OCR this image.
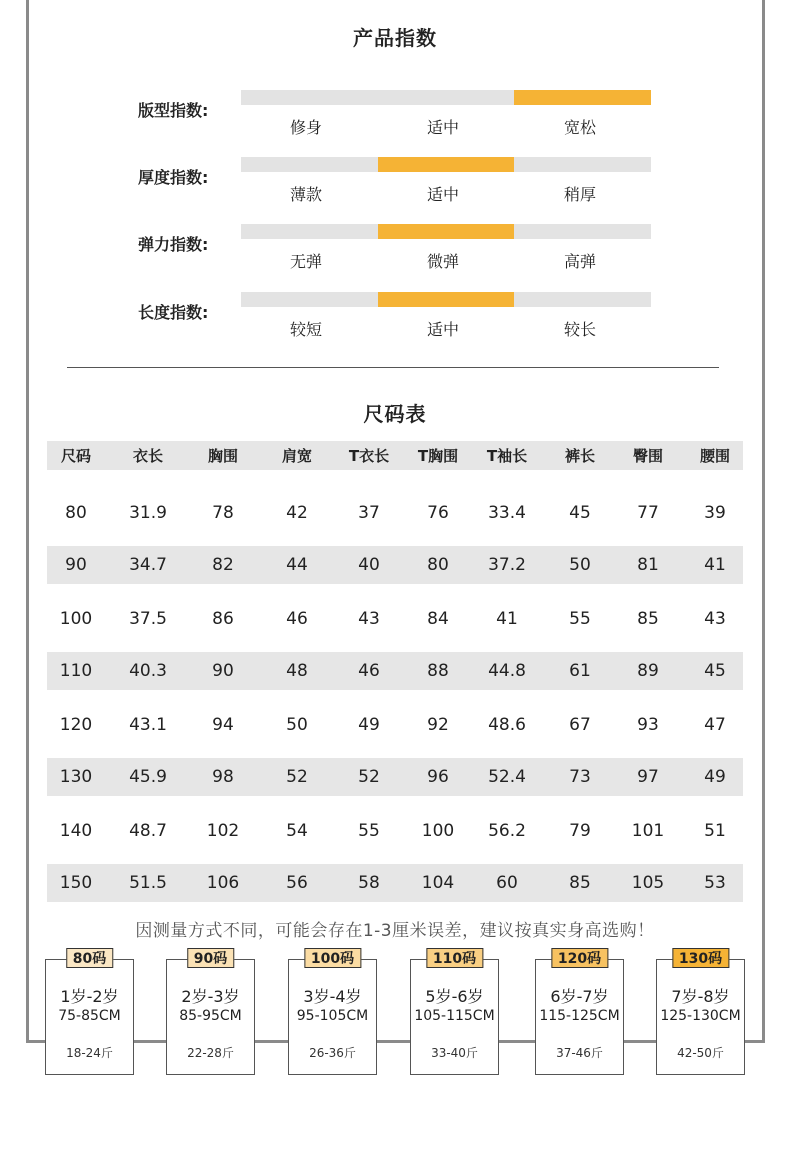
产品指数
版型指数:
修身	适中	宽松
厚度指数:
薄款	适中	稍厚
弹力指数:
无弹	微弹	高弹
长度指数:
较短	适中	较长
尺码表
尺码	衣长	胸围	肩宽 T衣长 T胸围 T袖长	裤长	臀围 腰围
80 31.9	78	42	37	76 33.4	45	77	39
90 34.7	82	44	40	80 37.2	50	81	41
100 37.5	86	46	43	84	41	55	85	43
110 40.3	90	48	46	88 44.8	61	89	45
120 43.1	94	50	49	92 48.6	67	93	47
130 45.9	98	52	52	96 52.4	73	97	49
140 48.7 102	54	55 100 56.2	79 101 51
150 51.5 106	56	58 104 60	85 105 53
因测量方式不同，可能会存在1-3厘米误差，建议按真实身高选购！
80码
1岁-2岁
75-85CM
18-24斤
90码
2岁-3岁
85-95CM
22-28斤
100码
3岁-4岁
95-105CM
26-36斤
110码
5岁-6岁
105-115CM
33-40斤
120码
6岁-7岁
115-125CM
37-46斤
130码
7岁-8岁
125-130CM
42-50斤
